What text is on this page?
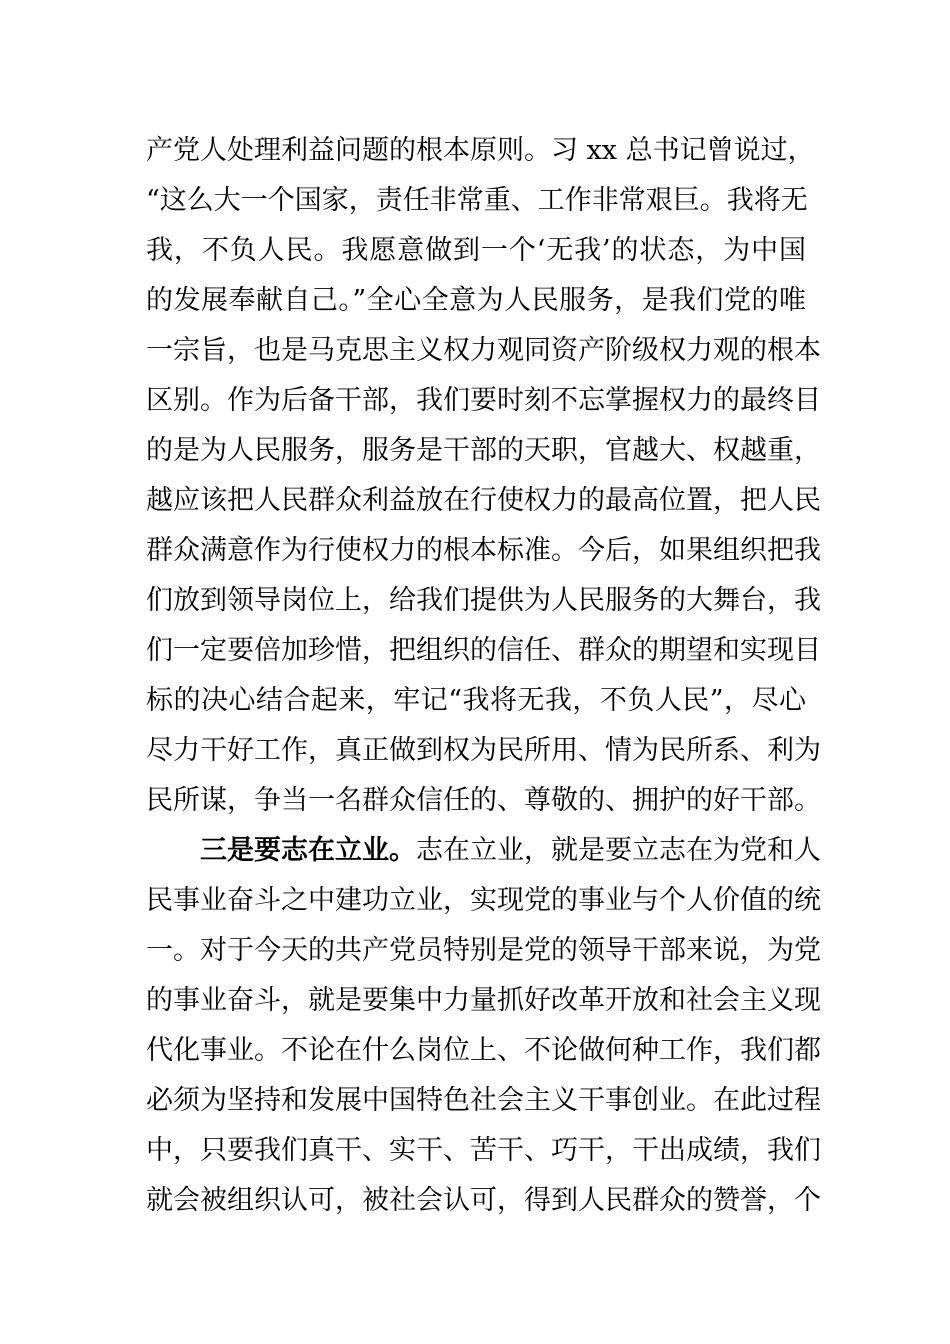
产党人处理利益问题的根本原则。习 xx 总书记曾说过，
“这么大一个国家，责任非常重、工作非常艰巨。我将无
我，不负人民。我愿意做到一个‘无我’的状态，为中国
的发展奉献自己。”全心全意为人民服务，是我们党的唯
一宗旨，也是马克思主义权力观同资产阶级权力观的根本
区别。作为后备干部，我们要时刻不忘掌握权力的最终目
的是为人民服务，服务是干部的天职，官越大、权越重，
越应该把人民群众利益放在行使权力的最高位置，把人民
群众满意作为行使权力的根本标准。今后，如果组织把我
们放到领导岗位上，给我们提供为人民服务的大舞台，我
们一定要倍加珍惜，把组织的信任、群众的期望和实现目
标的决心结合起来，牢记“我将无我，不负人民”，尽心
尽力干好工作，真正做到权为民所用、情为民所系、利为
民所谋，争当一名群众信任的、尊敬的、拥护的好干部。
三是要志在立业。志在立业，就是要立志在为党和人
民事业奋斗之中建功立业，实现党的事业与个人价值的统
一。对于今天的共产党员特别是党的领导干部来说，为党
的事业奋斗，就是要集中力量抓好改革开放和社会主义现
代化事业。不论在什么岗位上、不论做何种工作，我们都
必须为坚持和发展中国特色社会主义干事创业。在此过程
中，只要我们真干、实干、苦干、巧干，干出成绩，我们
就会被组织认可，被社会认可，得到人民群众的赞誉，个
